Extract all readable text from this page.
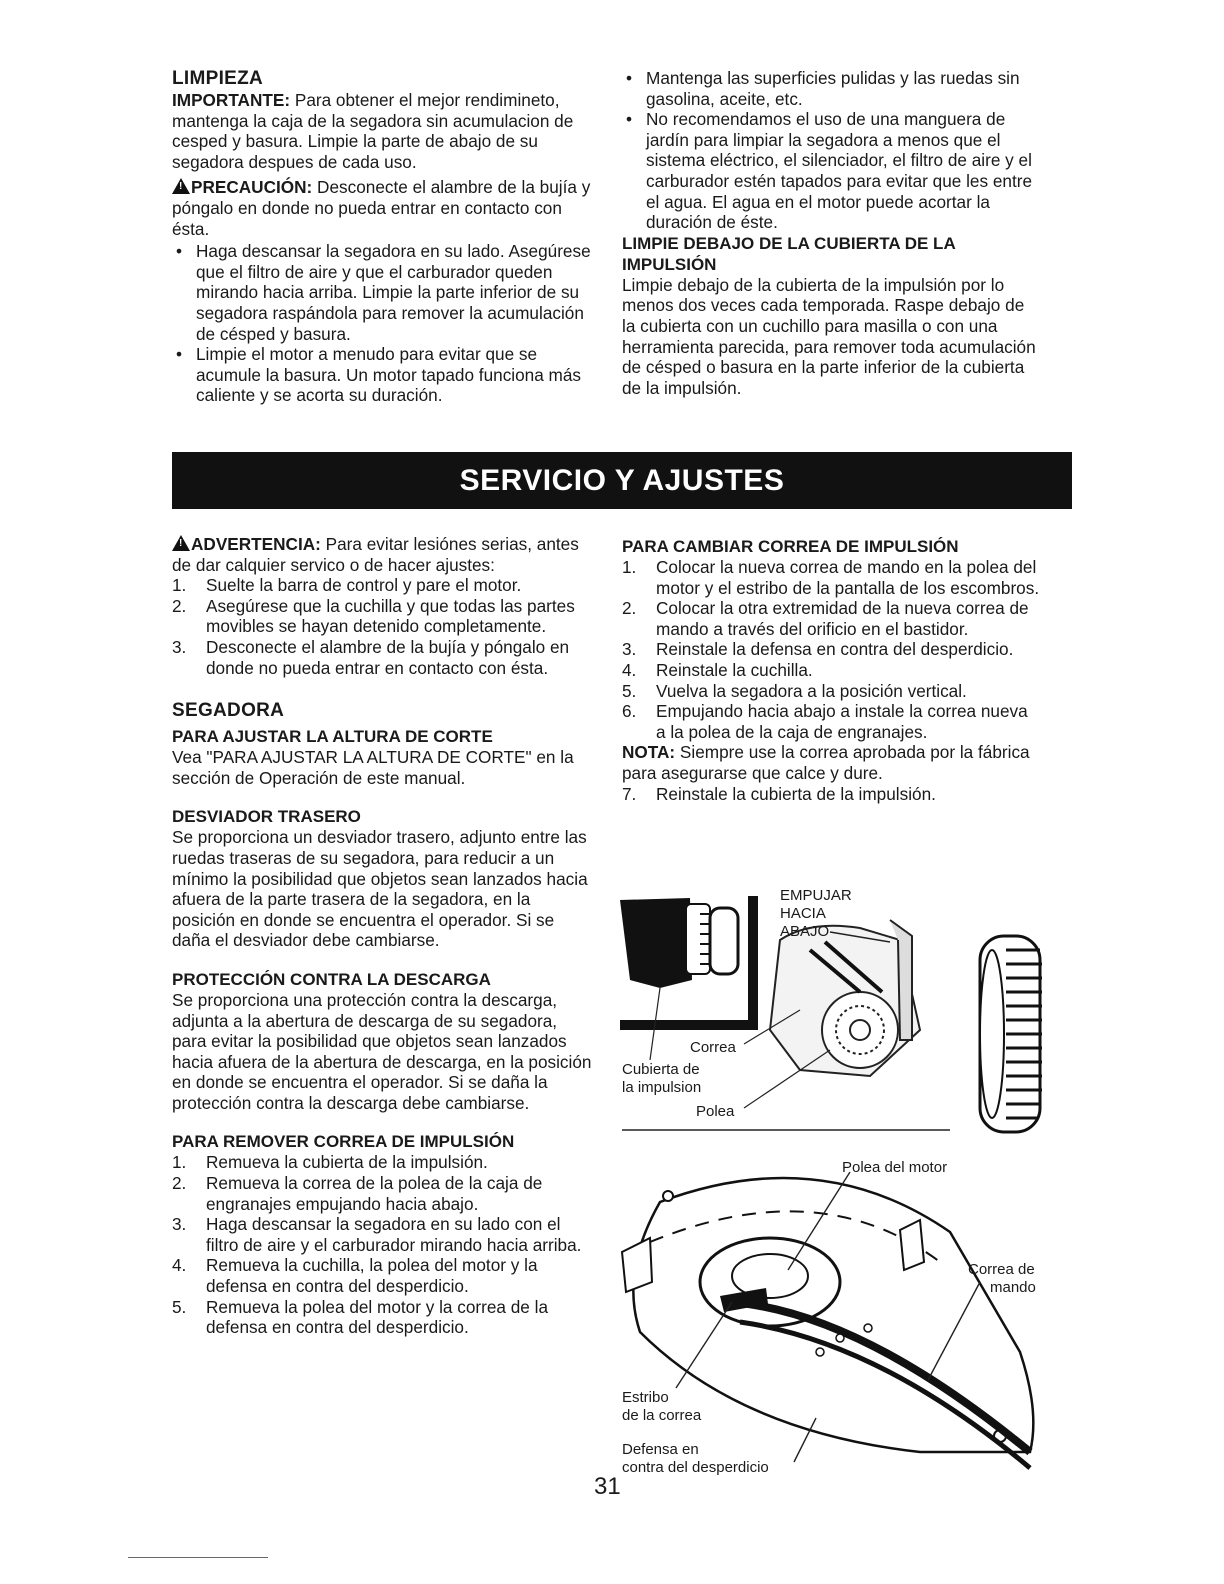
LIMPIEZA

IMPORTANTE: Para obtener el mejor rendimineto, mantenga la caja de la segadora sin acumulacion de cesped y basura. Limpie la parte de abajo de su segadora despues de cada uso.

!PRECAUCIÓN: Desconecte el alambre de la bujía y póngalo en donde no pueda entrar en contacto con ésta.

• Haga descansar la segadora en su lado. Asegúrese que el filtro de aire y que el carburador queden mirando hacia arriba. Limpie la parte inferior de su segadora raspándola para remover la acumulación de césped y basura.
• Limpie el motor a menudo para evitar que se acumule la basura. Un motor tapado funciona más caliente y se acorta su duración.
• Mantenga las superficies pulidas y las ruedas sin gasolina, aceite, etc.
• No recomendamos el uso de una manguera de jardín para limpiar la segadora a menos que el sistema eléctrico, el silenciador, el filtro de aire y el carburador estén tapados para evitar que les entre el agua. El agua en el motor puede acortar la duración de éste.

LIMPIE DEBAJO DE LA CUBIERTA DE LA IMPULSIÓN

Limpie debajo de la cubierta de la impulsión por lo menos dos veces cada temporada. Raspe debajo de la cubierta con un cuchillo para masilla o con una herramienta parecida, para remover toda acumulación de césped o basura en la parte inferior de la cubierta de la impulsión.

SERVICIO Y AJUSTES

!ADVERTENCIA: Para evitar lesiónes serias, antes de dar calquier servico o de hacer ajustes:

1. Suelte la barra de control y pare el motor.
2. Asegúrese que la cuchilla y que todas las partes movibles se hayan detenido completamente.
3. Desconecte el alambre de la bujía y póngalo en donde no pueda entrar en contacto con ésta.

SEGADORA

PARA AJUSTAR LA ALTURA DE CORTE

Vea "PARA AJUSTAR LA ALTURA DE CORTE" en la sección de Operación de este manual.

DESVIADOR TRASERO

Se proporciona un desviador trasero, adjunto entre las ruedas traseras de su segadora, para reducir a un mínimo la posibilidad que objetos sean lanzados hacia afuera de la parte trasera de la segadora, en la posición en donde se encuentra el operador. Si se daña el desviador debe cambiarse.

PROTECCIÓN CONTRA LA DESCARGA

Se proporciona una protección contra la descarga, adjunta a la abertura de descarga de su segadora, para evitar la posibilidad que objetos sean lanzados hacia afuera de la abertura de descarga, en la posición en donde se encuentra el operador. Si se daña la protección contra la descarga debe cambiarse.

PARA REMOVER CORREA DE IMPULSIÓN

1. Remueva la cubierta de la impulsión.
2. Remueva la correa de la polea de la caja de engranajes empujando hacia abajo.
3. Haga descansar la segadora en su lado con el filtro de aire y el carburador mirando hacia arriba.
4. Remueva la cuchilla, la polea del motor y la defensa en contra del desperdicio.
5. Remueva la polea del motor y la correa de la defensa en contra del desperdicio.

PARA CAMBIAR CORREA DE IMPULSIÓN

1. Colocar la nueva correa de mando en la polea del motor y el estribo de la pantalla de los escombros.
2. Colocar la otra extremidad de la nueva correa de mando a través del orificio en el bastidor.
3. Reinstale la defensa en contra del desperdicio.
4. Reinstale la cuchilla.
5. Vuelva la segadora a la posición vertical.
6. Empujando hacia abajo a instale la correa nueva a la polea de la caja de engranajes.

NOTA: Siempre use la correa aprobada por la fábrica para asegurarse que calce y dure.

7. Reinstale la cubierta de la impulsión.
EMPUJAR
HACIA
ABAJO
Correa
Cubierta de
la impulsion
Polea
Polea del motor
Correa de
mando
Estribo
de la correa
Defensa en
contra del desperdicio
31
